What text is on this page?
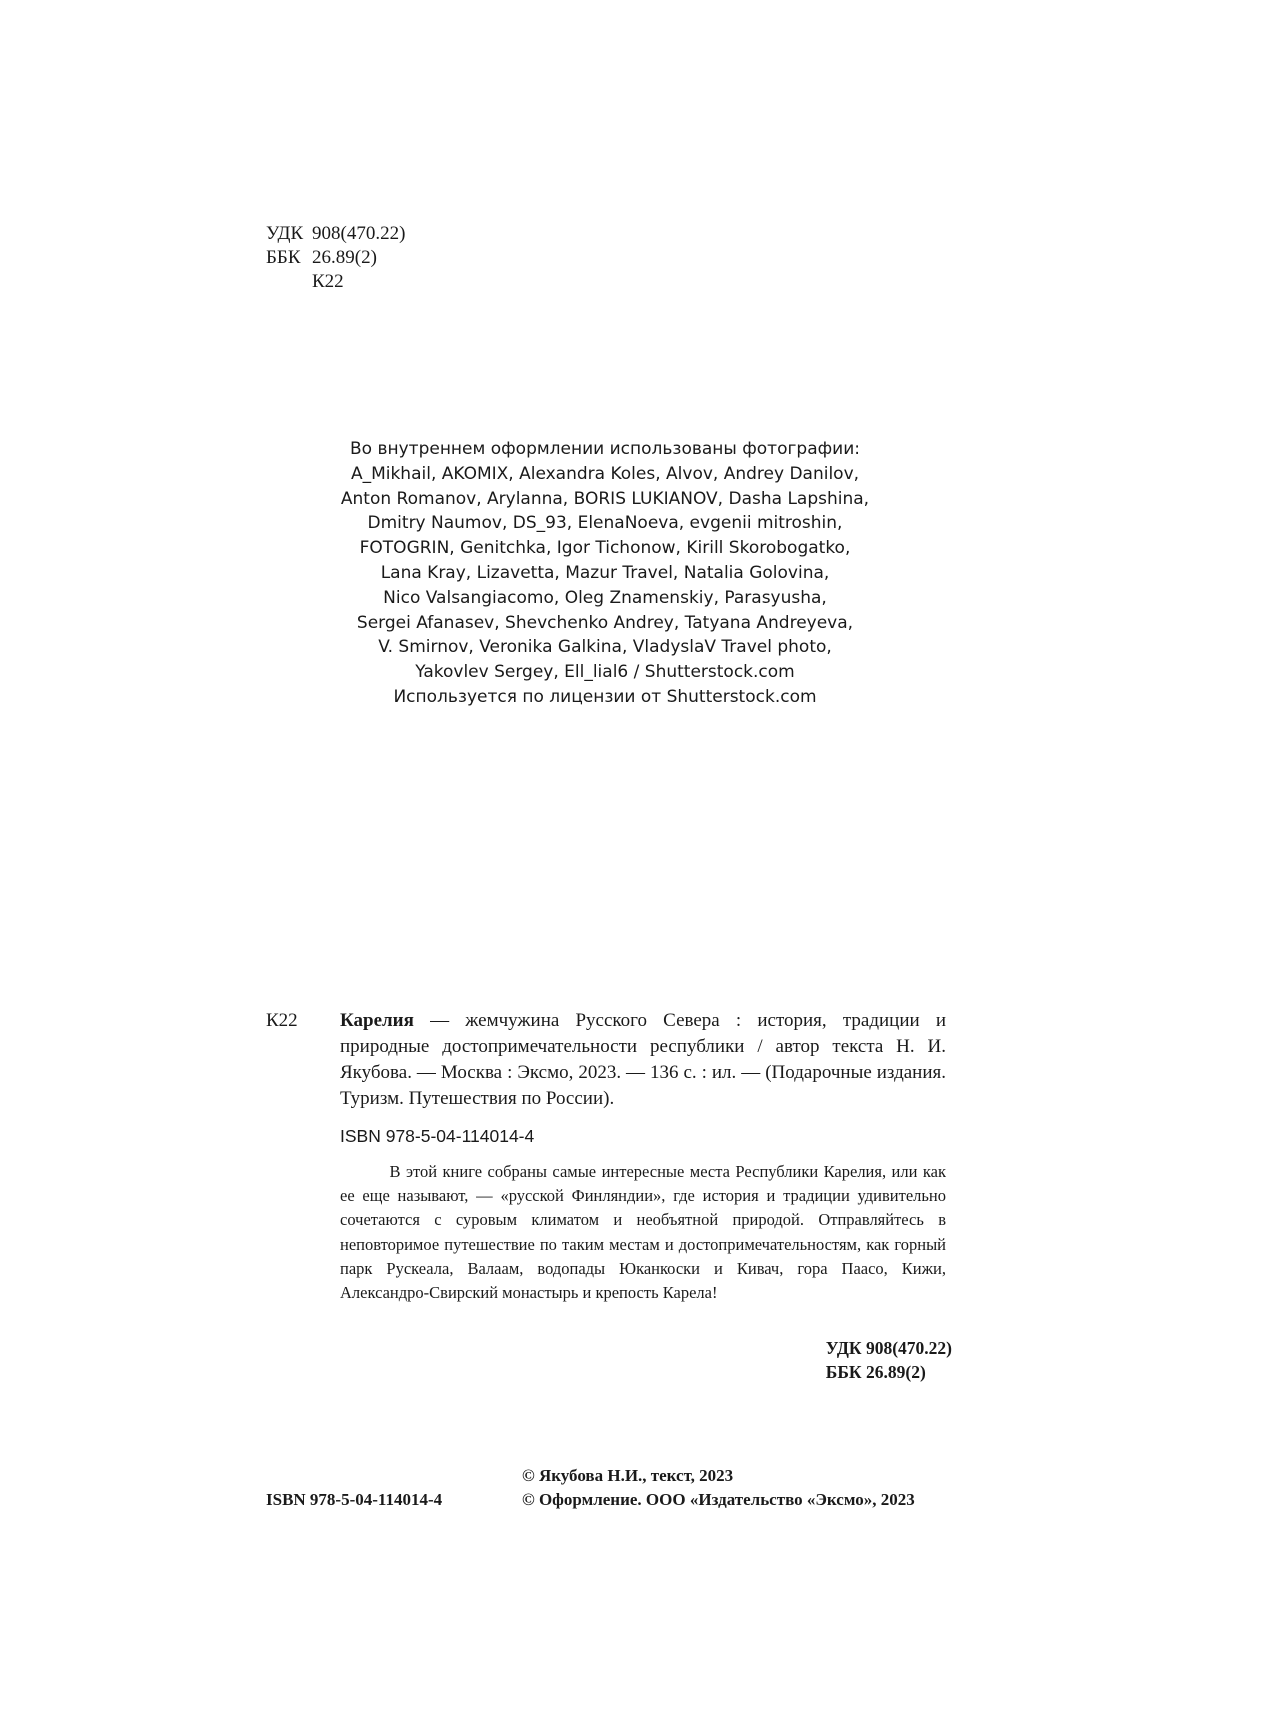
УДК 908(470.22)
ББК 26.89(2)
К22
Во внутреннем оформлении использованы фотографии:
A_Mikhail, AKOMIX, Alexandra Koles, Alvov, Andrey Danilov,
Anton Romanov, Arylanna, BORIS LUKIANOV, Dasha Lapshina,
Dmitry Naumov, DS_93, ElenaNoeva, evgenii mitroshin,
FOTOGRIN, Genitchka, Igor Tichonow, Kirill Skorobogatko,
Lana Kray, Lizavetta, Mazur Travel, Natalia Golovina,
Nico Valsangiacomo, Oleg Znamenskiy, Parasyusha,
Sergei Afanasev, Shevchenko Andrey, Tatyana Andreyeva,
V. Smirnov, Veronika Galkina, VladyslaV Travel photo,
Yakovlev Sergey, Ell_lial6 / Shutterstock.com
Используется по лицензии от Shutterstock.com
К22 Карелия — жемчужина Русского Севера : история, традиции и природные достопримечательности республики / автор текста Н. И. Якубова. — Москва : Эксмо, 2023. — 136 с. : ил. — (Подарочные издания. Туризм. Путешествия по России).
ISBN 978-5-04-114014-4

В этой книге собраны самые интересные места Республики Карелия, или как ее еще называют, — «русской Финляндии», где история и традиции удивительно сочетаются с суровым климатом и необъятной природой. Отправляйтесь в неповторимое путешествие по таким местам и достопримечательностям, как горный парк Рускеала, Валаам, водопады Юканкоски и Кивач, гора Паасо, Кижи, Александро-Свирский монастырь и крепость Карела!

УДК 908(470.22)
ББК 26.89(2)
ISBN 978-5-04-114014-4
© Якубова Н.И., текст, 2023
© Оформление. ООО «Издательство «Эксмо», 2023
